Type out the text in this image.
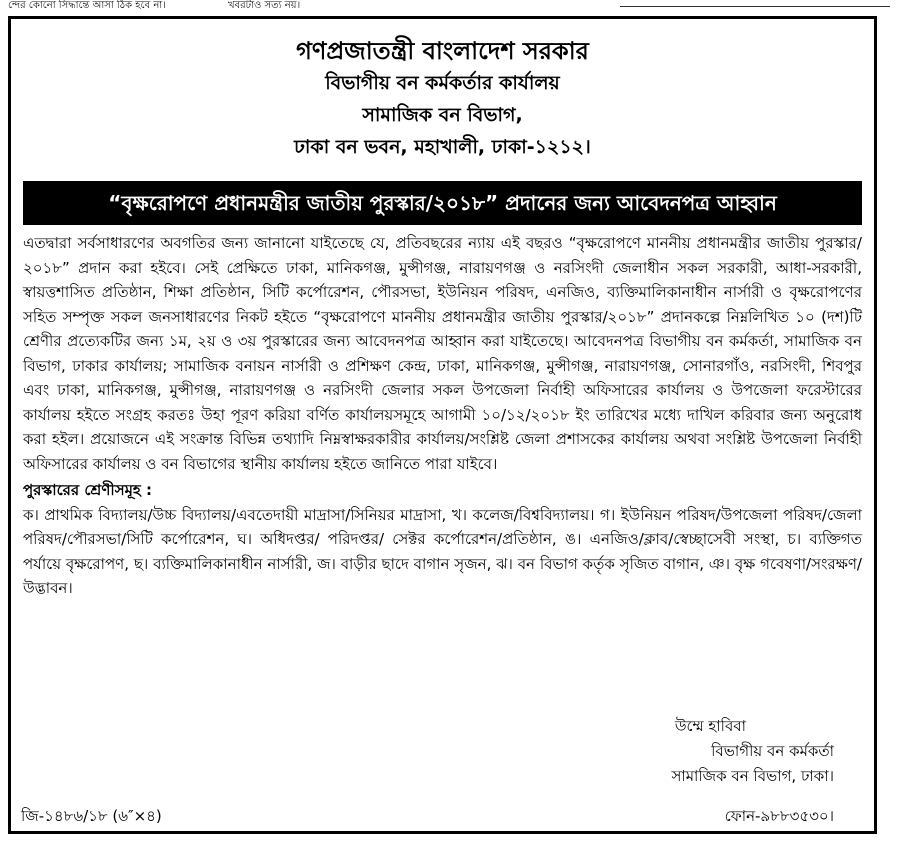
ন্দের কোনো সিদ্ধান্তে আসা ঠিক হবে না।	খবরটাও সত্য নয়।
গণপ্রজাতন্ত্রী বাংলাদেশ সরকার
বিভাগীয় বন কর্মকর্তার কার্যালয়
সামাজিক বন বিভাগ,
ঢাকা বন ভবন, মহাখালী, ঢাকা-১২১২।
“বৃক্ষরোপণে প্রধানমন্ত্রীর জাতীয় পুরস্কার/২০১৮” প্রদানের জন্য আবেদনপত্র আহ্বান

এতদ্বারা সর্বসাধারণের অবগতির জন্য জানানো যাইতেছে যে, প্রতিবছরের ন্যায় এই বছরও “বৃক্ষরোপণে মাননীয় প্রধানমন্ত্রীর জাতীয় পুরস্কার/২০১৮” প্রদান করা হইবে। সেই প্রেক্ষিতে ঢাকা, মানিকগঞ্জ, মুন্সীগঞ্জ, নারায়ণগঞ্জ ও নরসিংদী জেলাধীন সকল সরকারী, আধা-সরকারী, স্বায়ত্তশাসিত প্রতিষ্ঠান, শিক্ষা প্রতিষ্ঠান, সিটি কর্পোরেশন, পৌরসভা, ইউনিয়ন পরিষদ, এনজিও, ব্যক্তিমালিকানাধীন নার্সারী ও বৃক্ষরোপণের সহিত সম্পৃক্ত সকল জনসাধারণের নিকট হইতে “বৃক্ষরোপণে মাননীয় প্রধানমন্ত্রীর জাতীয় পুরস্কার/২০১৮” প্রদানকল্পে নিম্নলিখিত ১০ (দশ)টি শ্রেণীর প্রত্যেকটির জন্য ১ম, ২য় ও ৩য় পুরস্কারের জন্য আবেদনপত্র আহ্বান করা যাইতেছে। আবেদনপত্র বিভাগীয় বন কর্মকর্তা, সামাজিক বন বিভাগ, ঢাকার কার্যালয়; সামাজিক বনায়ন নার্সারী ও প্রশিক্ষণ কেন্দ্র, ঢাকা, মানিকগঞ্জ, মুন্সীগঞ্জ, নারায়ণগঞ্জ, সোনারগাঁও, নরসিংদী, শিবপুর এবং ঢাকা, মানিকগঞ্জ, মুন্সীগঞ্জ, নারায়ণগঞ্জ ও নরসিংদী জেলার সকল উপজেলা নির্বাহী অফিসারের কার্যালয় ও উপজেলা ফরেস্টারের কার্যালয় হইতে সংগ্রহ করতঃ উহা পূরণ করিয়া বর্ণিত কার্যালয়সমূহে আগামী ১০/১২/২০১৮ ইং তারিখের মধ্যে দাখিল করিবার জন্য অনুরোধ করা হইল। প্রয়োজনে এই সংক্রান্ত বিভিন্ন তথ্যাদি নিম্নস্বাক্ষরকারীর কার্যালয়/সংশ্লিষ্ট জেলা প্রশাসকের কার্যালয় অথবা সংশ্লিষ্ট উপজেলা নির্বাহী অফিসারের কার্যালয় ও বন বিভাগের স্থানীয় কার্যালয় হইতে জানিতে পারা যাইবে।

পুরস্কারের শ্রেণীসমূহ :

ক। প্রাথমিক বিদ্যালয়/উচ্চ বিদ্যালয়/এবতেদায়ী মাদ্রাসা/সিনিয়র মাদ্রাসা, খ। কলেজ/বিশ্ববিদ্যালয়। গ। ইউনিয়ন পরিষদ/উপজেলা পরিষদ/জেলা পরিষদ/পৌরসভা/সিটি কর্পোরেশন, ঘ। অধিদপ্তর/ পরিদপ্তর/ সেক্টর কর্পোরেশন/প্রতিষ্ঠান, ঙ। এনজিও/ক্লাব/স্বেচ্ছাসেবী সংস্থা, চ। ব্যক্তিগত পর্যায়ে বৃক্ষরোপণ, ছ। ব্যক্তিমালিকানাধীন নার্সারী, জ। বাড়ীর ছাদে বাগান সৃজন, ঝ। বন বিভাগ কর্তৃক সৃজিত বাগান, ঞ। বৃক্ষ গবেষণা/সংরক্ষণ/উদ্ভাবন।

উম্মে হাবিবা
বিভাগীয় বন কর্মকর্তা
সামাজিক বন বিভাগ, ঢাকা।
জি-১৪৮৬/১৮ (৬″×৪)	ফোন-৯৮৮৩৫৩০।
